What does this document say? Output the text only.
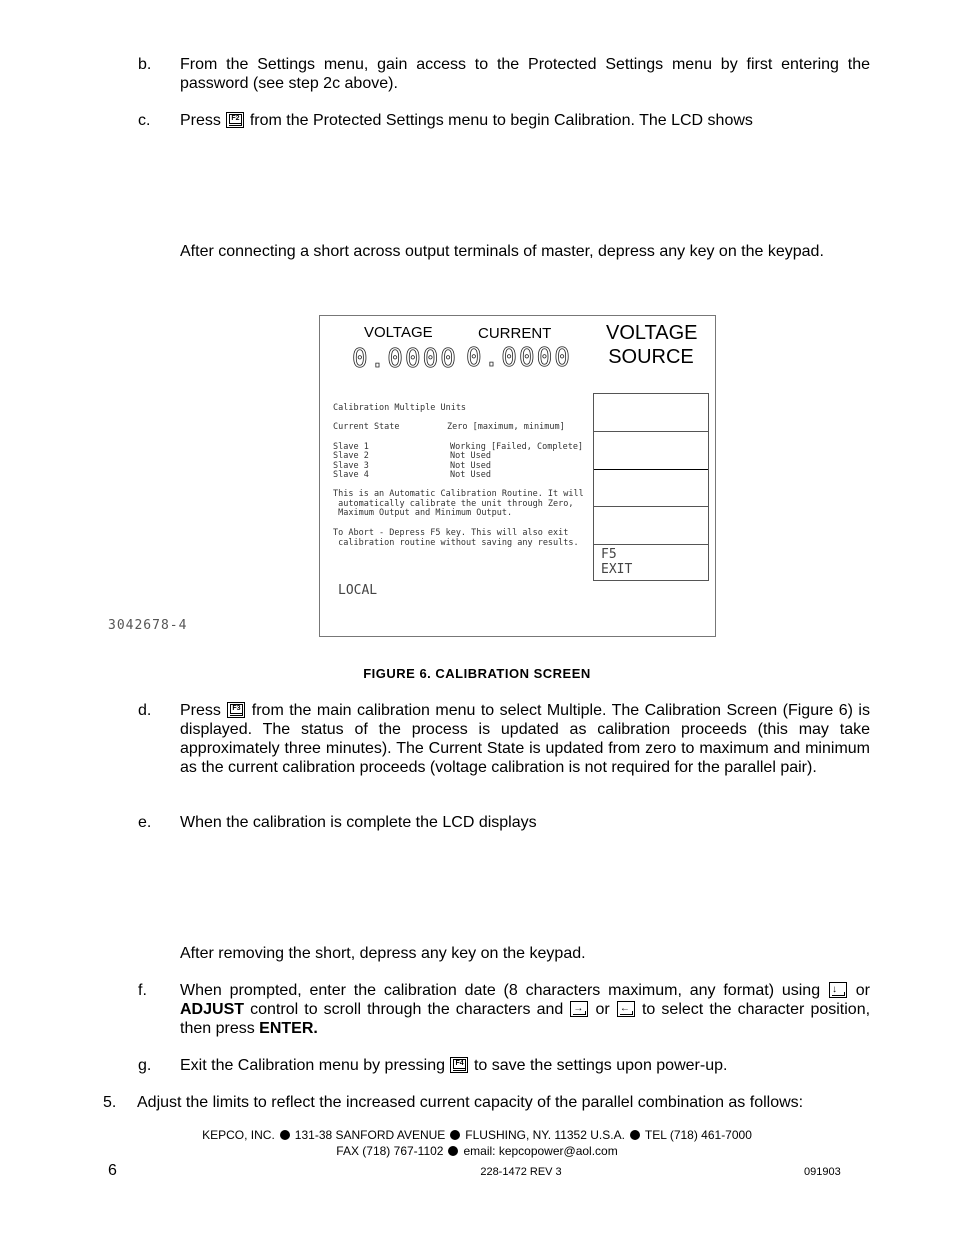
b. From the Settings menu, gain access to the Protected Settings menu by first entering the password (see step 2c above).
c. Press F2 from the Protected Settings menu to begin Calibration. The LCD shows
After connecting a short across output terminals of master, depress any key on the keypad.
VOLTAGE	CURRENT
0.0000 0.0000
VOLTAGE
SOURCE
Calibration Multiple Units
Current State	Zero [maximum, minimum]
Slave 1	Working [Failed, Complete]
Slave 2	Not Used
Slave 3	Not Used
Slave 4	Not Used
This is an Automatic Calibration Routine. It will
automatically calibrate the unit through Zero,
Maximum Output and Minimum Output.
To Abort - Depress F5 key. This will also exit
calibration routine without saving any results.
F5
EXIT
LOCAL
3042678-4
FIGURE 6. CALIBRATION SCREEN
d. Press F3 from the main calibration menu to select Multiple. The Calibration Screen (Figure 6) is displayed. The status of the process is updated as calibration proceeds (this may take approximately three minutes). The Current State is updated from zero to maximum and minimum as the current calibration proceeds (voltage calibration is not required for the parallel pair).
e. When the calibration is complete the LCD displays
After removing the short, depress any key on the keypad.
f. When prompted, enter the calibration date (8 characters maximum, any format) using ↓ or ADJUST control to scroll through the characters and → or ← to select the character position, then press ENTER.
g. Exit the Calibration menu by pressing F4 to save the settings upon power-up.
5. Adjust the limits to reflect the increased current capacity of the parallel combination as follows:
KEPCO, INC. 131-38 SANFORD AVENUE FLUSHING, NY. 11352 U.S.A. TEL (718) 461-7000
FAX (718) 767-1102 email: kepcopower@aol.com
6	228-1472 REV 3	091903
